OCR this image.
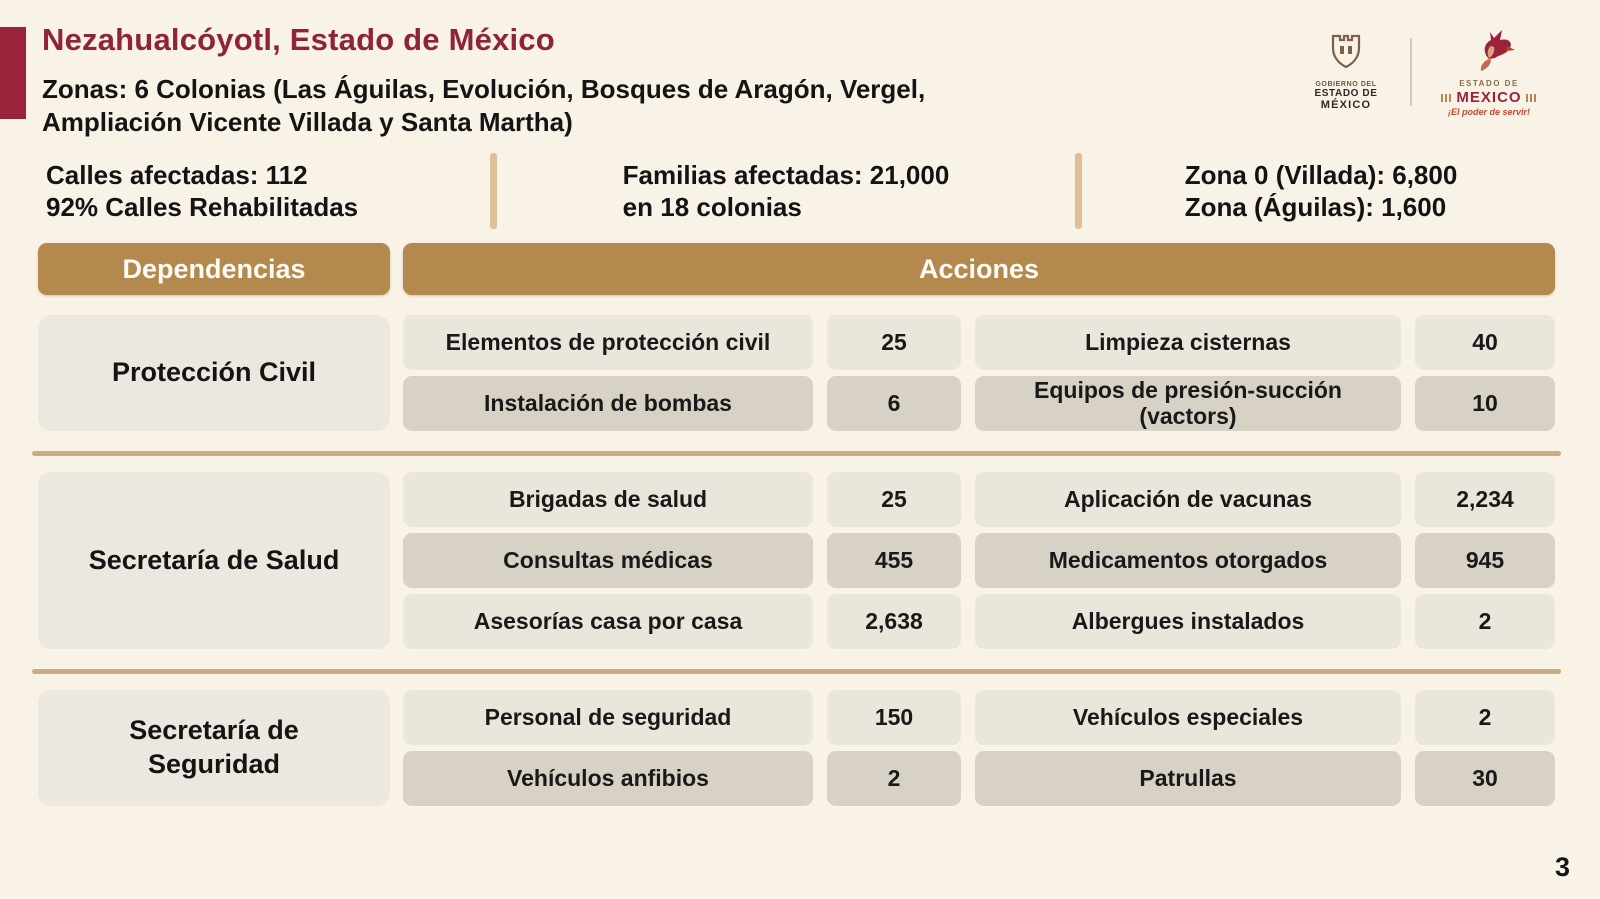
Nezahualcóyotl, Estado de México
Zonas: 6 Colonias (Las Águilas, Evolución, Bosques de Aragón, Vergel,
Ampliación Vicente Villada y Santa Martha)
GOBIERNO DEL
ESTADO DE
MÉXICO
ESTADO DE
MEXICO
¡El poder de servir!
Calles afectadas: 112
92% Calles Rehabilitadas
Familias afectadas: 21,000
en 18 colonias
Zona 0 (Villada): 6,800
Zona (Águilas): 1,600
Dependencias	Acciones
Protección Civil
Elementos de protección civil	25	Limpieza cisternas	40
Instalación de bombas	6	Equipos de presión-succión (vactors)	10
Secretaría de Salud
Brigadas de salud	25	Aplicación de vacunas	2,234
Consultas médicas	455	Medicamentos otorgados	945
Asesorías casa por casa	2,638	Albergues instalados	2
Secretaría de Seguridad
Personal de seguridad	150	Vehículos especiales	2
Vehículos anfibios	2	Patrullas	30
3
